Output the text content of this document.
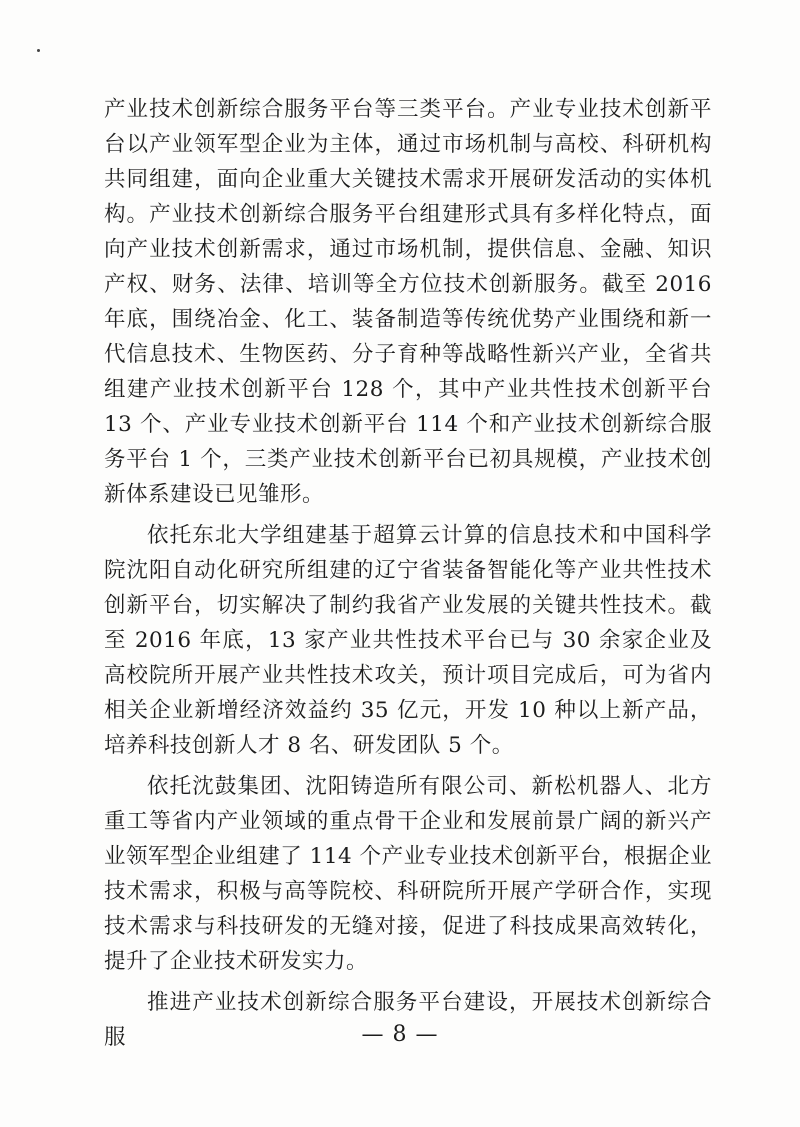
产业技术创新综合服务平台等三类平台。产业专业技术创新平台以产业领军型企业为主体，通过市场机制与高校、科研机构共同组建，面向企业重大关键技术需求开展研发活动的实体机构。产业技术创新综合服务平台组建形式具有多样化特点，面向产业技术创新需求，通过市场机制，提供信息、金融、知识产权、财务、法律、培训等全方位技术创新服务。截至 2016 年底，围绕冶金、化工、装备制造等传统优势产业围绕和新一代信息技术、生物医药、分子育种等战略性新兴产业，全省共组建产业技术创新平台 128 个，其中产业共性技术创新平台 13 个、产业专业技术创新平台 114 个和产业技术创新综合服务平台 1 个，三类产业技术创新平台已初具规模，产业技术创新体系建设已见雏形。

依托东北大学组建基于超算云计算的信息技术和中国科学院沈阳自动化研究所组建的辽宁省装备智能化等产业共性技术创新平台，切实解决了制约我省产业发展的关键共性技术。截至 2016 年底，13 家产业共性技术平台已与 30 余家企业及高校院所开展产业共性技术攻关，预计项目完成后，可为省内相关企业新增经济效益约 35 亿元，开发 10 种以上新产品，培养科技创新人才 8 名、研发团队 5 个。

依托沈鼓集团、沈阳铸造所有限公司、新松机器人、北方重工等省内产业领域的重点骨干企业和发展前景广阔的新兴产业领军型企业组建了 114 个产业专业技术创新平台，根据企业技术需求，积极与高等院校、科研院所开展产学研合作，实现技术需求与科技研发的无缝对接，促进了科技成果高效转化，提升了企业技术研发实力。

推进产业技术创新综合服务平台建设，开展技术创新综合服	— 8 —
